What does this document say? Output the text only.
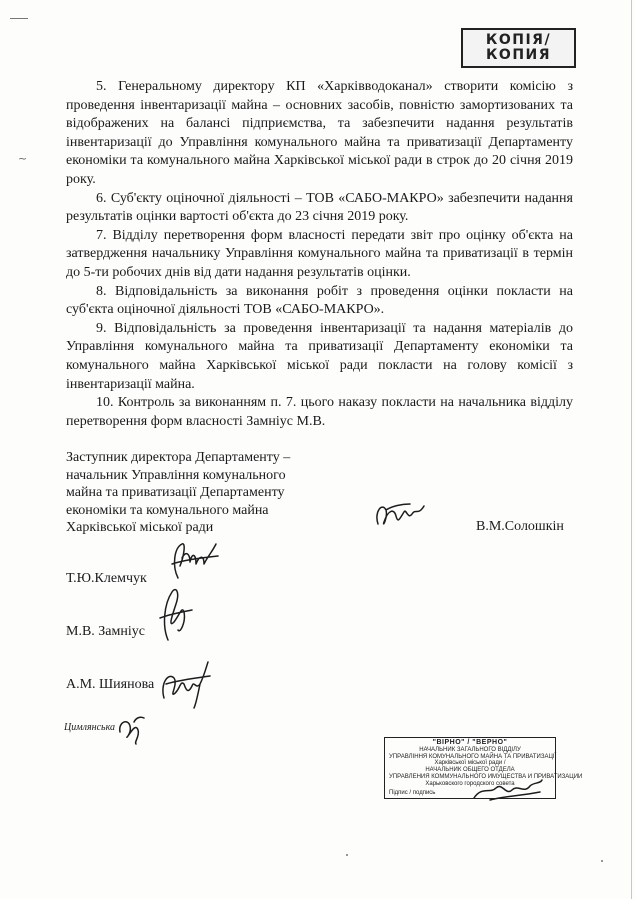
КОПІЯ/
КОПИЯ
~

5. Генеральному директору КП «Харківводоканал» створити комісію з проведення інвентаризації майна – основних засобів, повністю замортизованих та відображених на балансі підприємства, та забезпечити надання результатів інвентаризації до Управління комунального майна та приватизації Департаменту економіки та комунального майна Харківської міської ради в строк до 20 січня 2019 року.

6. Суб'єкту оціночної діяльності – ТОВ «САБО-МАКРО» забезпечити надання результатів оцінки вартості об'єкта до 23 січня 2019 року.

7. Відділу перетворення форм власності передати звіт про оцінку об'єкта на затвердження начальнику Управління комунального майна та приватизації в термін до 5-ти робочих днів від дати надання результатів оцінки.

8. Відповідальність за виконання робіт з проведення оцінки покласти на суб'єкта оціночної діяльності ТОВ «САБО-МАКРО».

9. Відповідальність за проведення інвентаризації та надання матеріалів до Управління комунального майна та приватизації Департаменту економіки та комунального майна Харківської міської ради покласти на голову комісії з інвентаризації майна.

10. Контроль за виконанням п. 7. цього наказу покласти на начальника відділу перетворення форм власності Замніус М.В.

Заступник директора Департаменту –
начальник Управління комунального
майна та приватизації Департаменту
економіки та комунального майна
Харківської міської ради	В.М.Солошкін
Т.Ю.Клемчук
М.В. Замніус
А.М. Шиянова
Цимлянська
"ВІРНО" / "ВЕРНО"
НАЧАЛЬНИК ЗАГАЛЬНОГО ВІДДІЛУ
УПРАВЛІННЯ КОМУНАЛЬНОГО МАЙНА ТА ПРИВАТИЗАЦІЇ
Харківської міської ради /
НАЧАЛЬНИК ОБЩЕГО ОТДЕЛА
УПРАВЛЕНИЯ КОММУНАЛЬНОГО ИМУЩЕСТВА И ПРИВАТИЗАЦИИ
Харьковского городского совета
Підпис / подпись
